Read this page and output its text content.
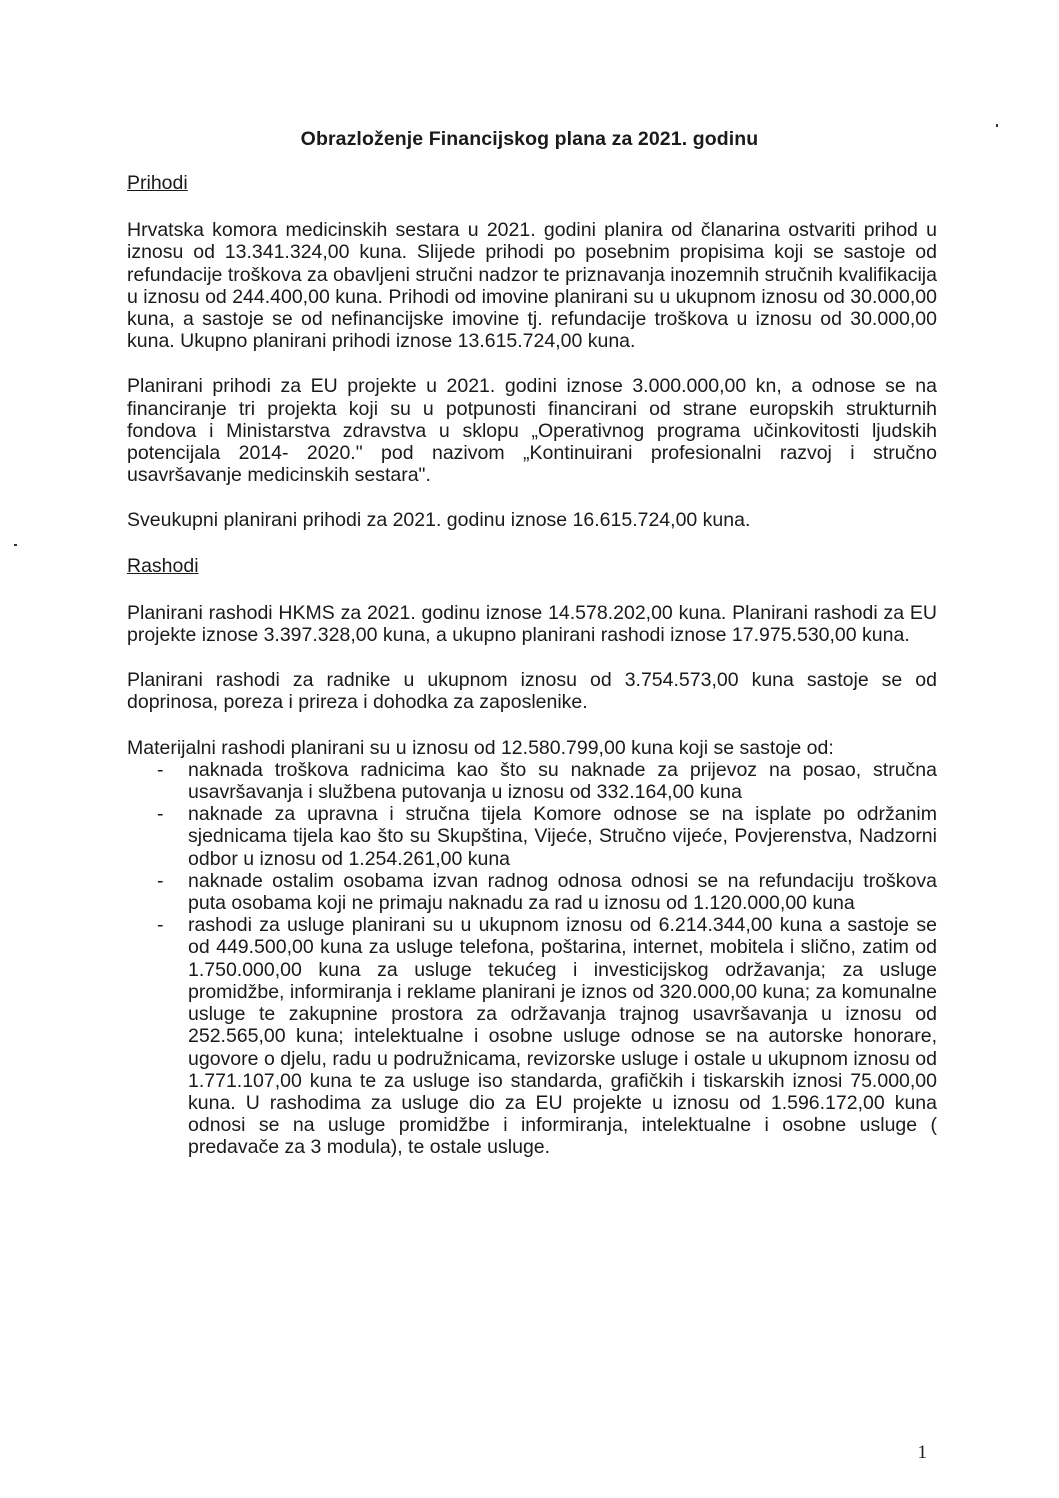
Obrazloženje Financijskog plana za 2021. godinu
Prihodi

Hrvatska komora medicinskih sestara u 2021. godini planira od članarina ostvariti prihod u iznosu od 13.341.324,00 kuna. Slijede prihodi po posebnim propisima koji se sastoje od refundacije troškova za obavljeni stručni nadzor te priznavanja inozemnih stručnih kvalifikacija u iznosu od 244.400,00 kuna. Prihodi od imovine planirani su u ukupnom iznosu od 30.000,00 kuna, a sastoje se od nefinancijske imovine tj. refundacije troškova u iznosu od 30.000,00 kuna. Ukupno planirani prihodi iznose 13.615.724,00 kuna.

Planirani prihodi za EU projekte u 2021. godini iznose 3.000.000,00 kn, a odnose se na financiranje tri projekta koji su u potpunosti financirani od strane europskih strukturnih fondova i Ministarstva zdravstva u sklopu „Operativnog programa učinkovitosti ljudskih potencijala 2014- 2020." pod nazivom „Kontinuirani profesionalni razvoj i stručno usavršavanje medicinskih sestara".

Sveukupni planirani prihodi za 2021. godinu iznose 16.615.724,00 kuna.

Rashodi

Planirani rashodi HKMS za 2021. godinu iznose 14.578.202,00 kuna. Planirani rashodi za EU projekte iznose 3.397.328,00 kuna, a ukupno planirani rashodi iznose 17.975.530,00 kuna.

Planirani rashodi za radnike u ukupnom iznosu od 3.754.573,00 kuna sastoje se od doprinosa, poreza i prireza i dohodka za zaposlenike.

Materijalni rashodi planirani su u iznosu od 12.580.799,00 kuna koji se sastoje od:

- naknada troškova radnicima kao što su naknade za prijevoz na posao, stručna usavršavanja i službena putovanja u iznosu od 332.164,00 kuna
- naknade za upravna i stručna tijela Komore odnose se na isplate po održanim sjednicama tijela kao što su Skupština, Vijeće, Stručno vijeće, Povjerenstva, Nadzorni odbor u iznosu od 1.254.261,00 kuna
- naknade ostalim osobama izvan radnog odnosa odnosi se na refundaciju troškova puta osobama koji ne primaju naknadu za rad u iznosu od 1.120.000,00 kuna
- rashodi za usluge planirani su u ukupnom iznosu od 6.214.344,00 kuna a sastoje se od 449.500,00 kuna za usluge telefona, poštarina, internet, mobitela i slično, zatim od 1.750.000,00 kuna za usluge tekućeg i investicijskog održavanja; za usluge promidžbe, informiranja i reklame planirani je iznos od 320.000,00 kuna; za komunalne usluge te zakupnine prostora za održavanja trajnog usavršavanja u iznosu od 252.565,00 kuna; intelektualne i osobne usluge odnose se na autorske honorare, ugovore o djelu, radu u podružnicama, revizorske usluge i ostale u ukupnom iznosu od 1.771.107,00 kuna te za usluge iso standarda, grafičkih i tiskarskih iznosi 75.000,00 kuna. U rashodima za usluge dio za EU projekte u iznosu od 1.596.172,00 kuna odnosi se na usluge promidžbe i informiranja, intelektualne i osobne usluge ( predavače za 3 modula), te ostale usluge.
1
